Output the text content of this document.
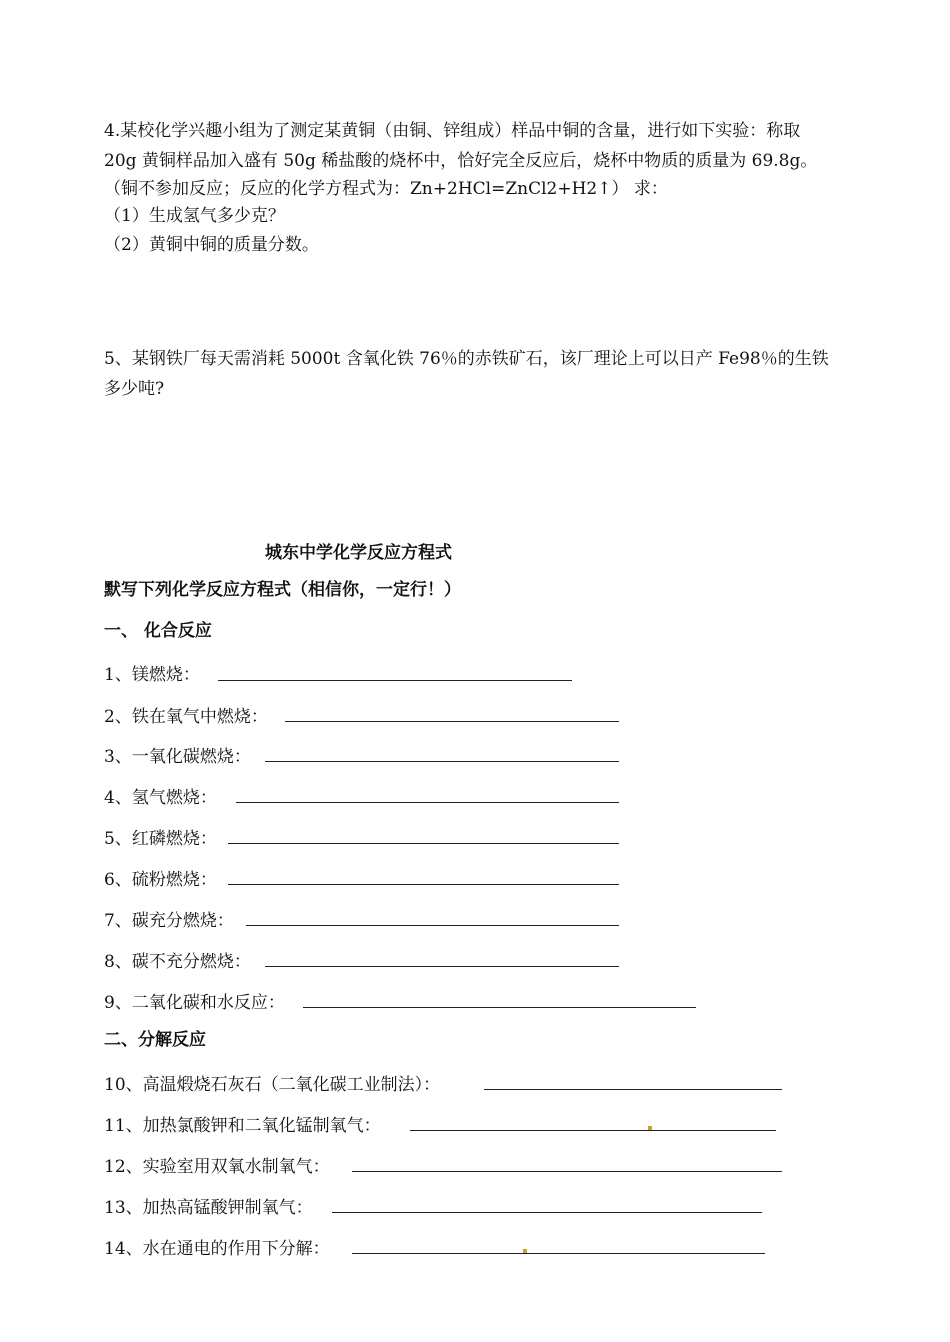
4.某校化学兴趣小组为了测定某黄铜（由铜、锌组成）样品中铜的含量，进行如下实验：称取
20g 黄铜样品加入盛有 50g 稀盐酸的烧杯中，恰好完全反应后，烧杯中物质的质量为 69.8g。
（铜不参加反应；反应的化学方程式为：Zn+2HCl=ZnCl2+H2↑） 求：
（1）生成氢气多少克？
（2）黄铜中铜的质量分数。
5、某钢铁厂每天需消耗 5000t 含氧化铁 76％的赤铁矿石，该厂理论上可以日产 Fe98％的生铁
多少吨?
城东中学化学反应方程式
默写下列化学反应方程式（相信你，一定行！）
一、 化合反应
1、镁燃烧：
2、铁在氧气中燃烧：
3、一氧化碳燃烧：
4、氢气燃烧：
5、红磷燃烧：
6、硫粉燃烧：
7、碳充分燃烧：
8、碳不充分燃烧：
9、二氧化碳和水反应：
二、分解反应
10、高温煅烧石灰石（二氧化碳工业制法）：
11、加热氯酸钾和二氧化锰制氧气：
12、实验室用双氧水制氧气：
13、加热高锰酸钾制氧气：
14、水在通电的作用下分解：
